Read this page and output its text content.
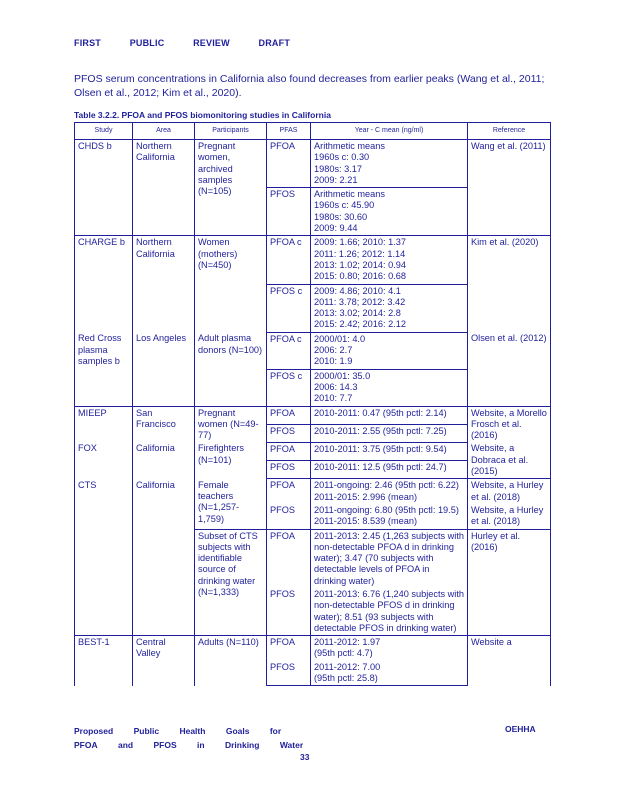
FIRST	PUBLIC	REVIEW	DRAFT
PFOS serum concentrations in California also found decreases from earlier peaks (Wang et al., 2011; Olsen et al., 2012; Kim et al., 2020).
Table 3.2.2. PFOA and PFOS biomonitoring studies in California
Study	Area	Participants	PFAS	Year - C mean (ng/ml)	Reference
CHDS b	Northern California	Pregnant women, archived samples (N=105)	PFOA	Arithmetic means
1960s c: 0.30
1980s: 3.17
2009: 2.21	Wang et al. (2011)
			PFOS	Arithmetic means
1960s c: 45.90
1980s: 30.60
2009: 9.44	
CHARGE b	Northern California	Women (mothers) (N=450)	PFOA c	2009: 1.66; 2010: 1.37
2011: 1.26; 2012: 1.14
2013: 1.02; 2014: 0.94
2015: 0.80; 2016: 0.68	Kim et al. (2020)
			PFOS c	2009: 4.86; 2010: 4.1
2011: 3.78; 2012: 3.42
2013: 3.02; 2014: 2.8
2015: 2.42; 2016: 2.12	
Red Cross plasma samples b	Los Angeles	Adult plasma donors (N=100)	PFOA c	2000/01: 4.0
2006: 2.7
2010: 1.9	Olsen et al. (2012)
			PFOS c	2000/01: 35.0
2006: 14.3
2010: 7.7	
MIEEP	San Francisco	Pregnant women (N=49-77)	PFOA	2010-2011: 0.47 (95th pctl: 2.14)	Website, a Morello Frosch et al. (2016)
			PFOS	2010-2011: 2.55 (95th pctl: 7.25)	
FOX	California	Firefighters (N=101)	PFOA	2010-2011: 3.75 (95th pctl: 9.54)	Website, a Dobraca et al. (2015)
			PFOS	2010-2011: 12.5 (95th pctl: 24.7)	
CTS	California	Female teachers (N=1,257-1,759)	PFOA	2011-ongoing: 2.46 (95th pctl: 6.22)
2011-2015: 2.996 (mean)	Website, a Hurley et al. (2018)
			PFOS	2011-ongoing: 6.80 (95th pctl: 19.5)
2011-2015: 8.539 (mean)	Website, a Hurley et al. (2018)
		Subset of CTS subjects with identifiable source of drinking water (N=1,333)	PFOA	2011-2013: 2.45 (1,263 subjects with non-detectable PFOA d in drinking water); 3.47 (70 subjects with detectable levels of PFOA in drinking water)	Hurley et al. (2016)
			PFOS	2011-2013: 6.76 (1,240 subjects with non-detectable PFOS d in drinking water); 8.51 (93 subjects with detectable PFOS in drinking water)	
BEST-1	Central Valley	Adults (N=110)	PFOA	2011-2012: 1.97
(95th pctl: 4.7)	Website a
			PFOS	2011-2012: 7.00
(95th pctl: 25.8)	
Proposed Public Health Goals for
PFOA and PFOS in Drinking Water
OEHHA
33
